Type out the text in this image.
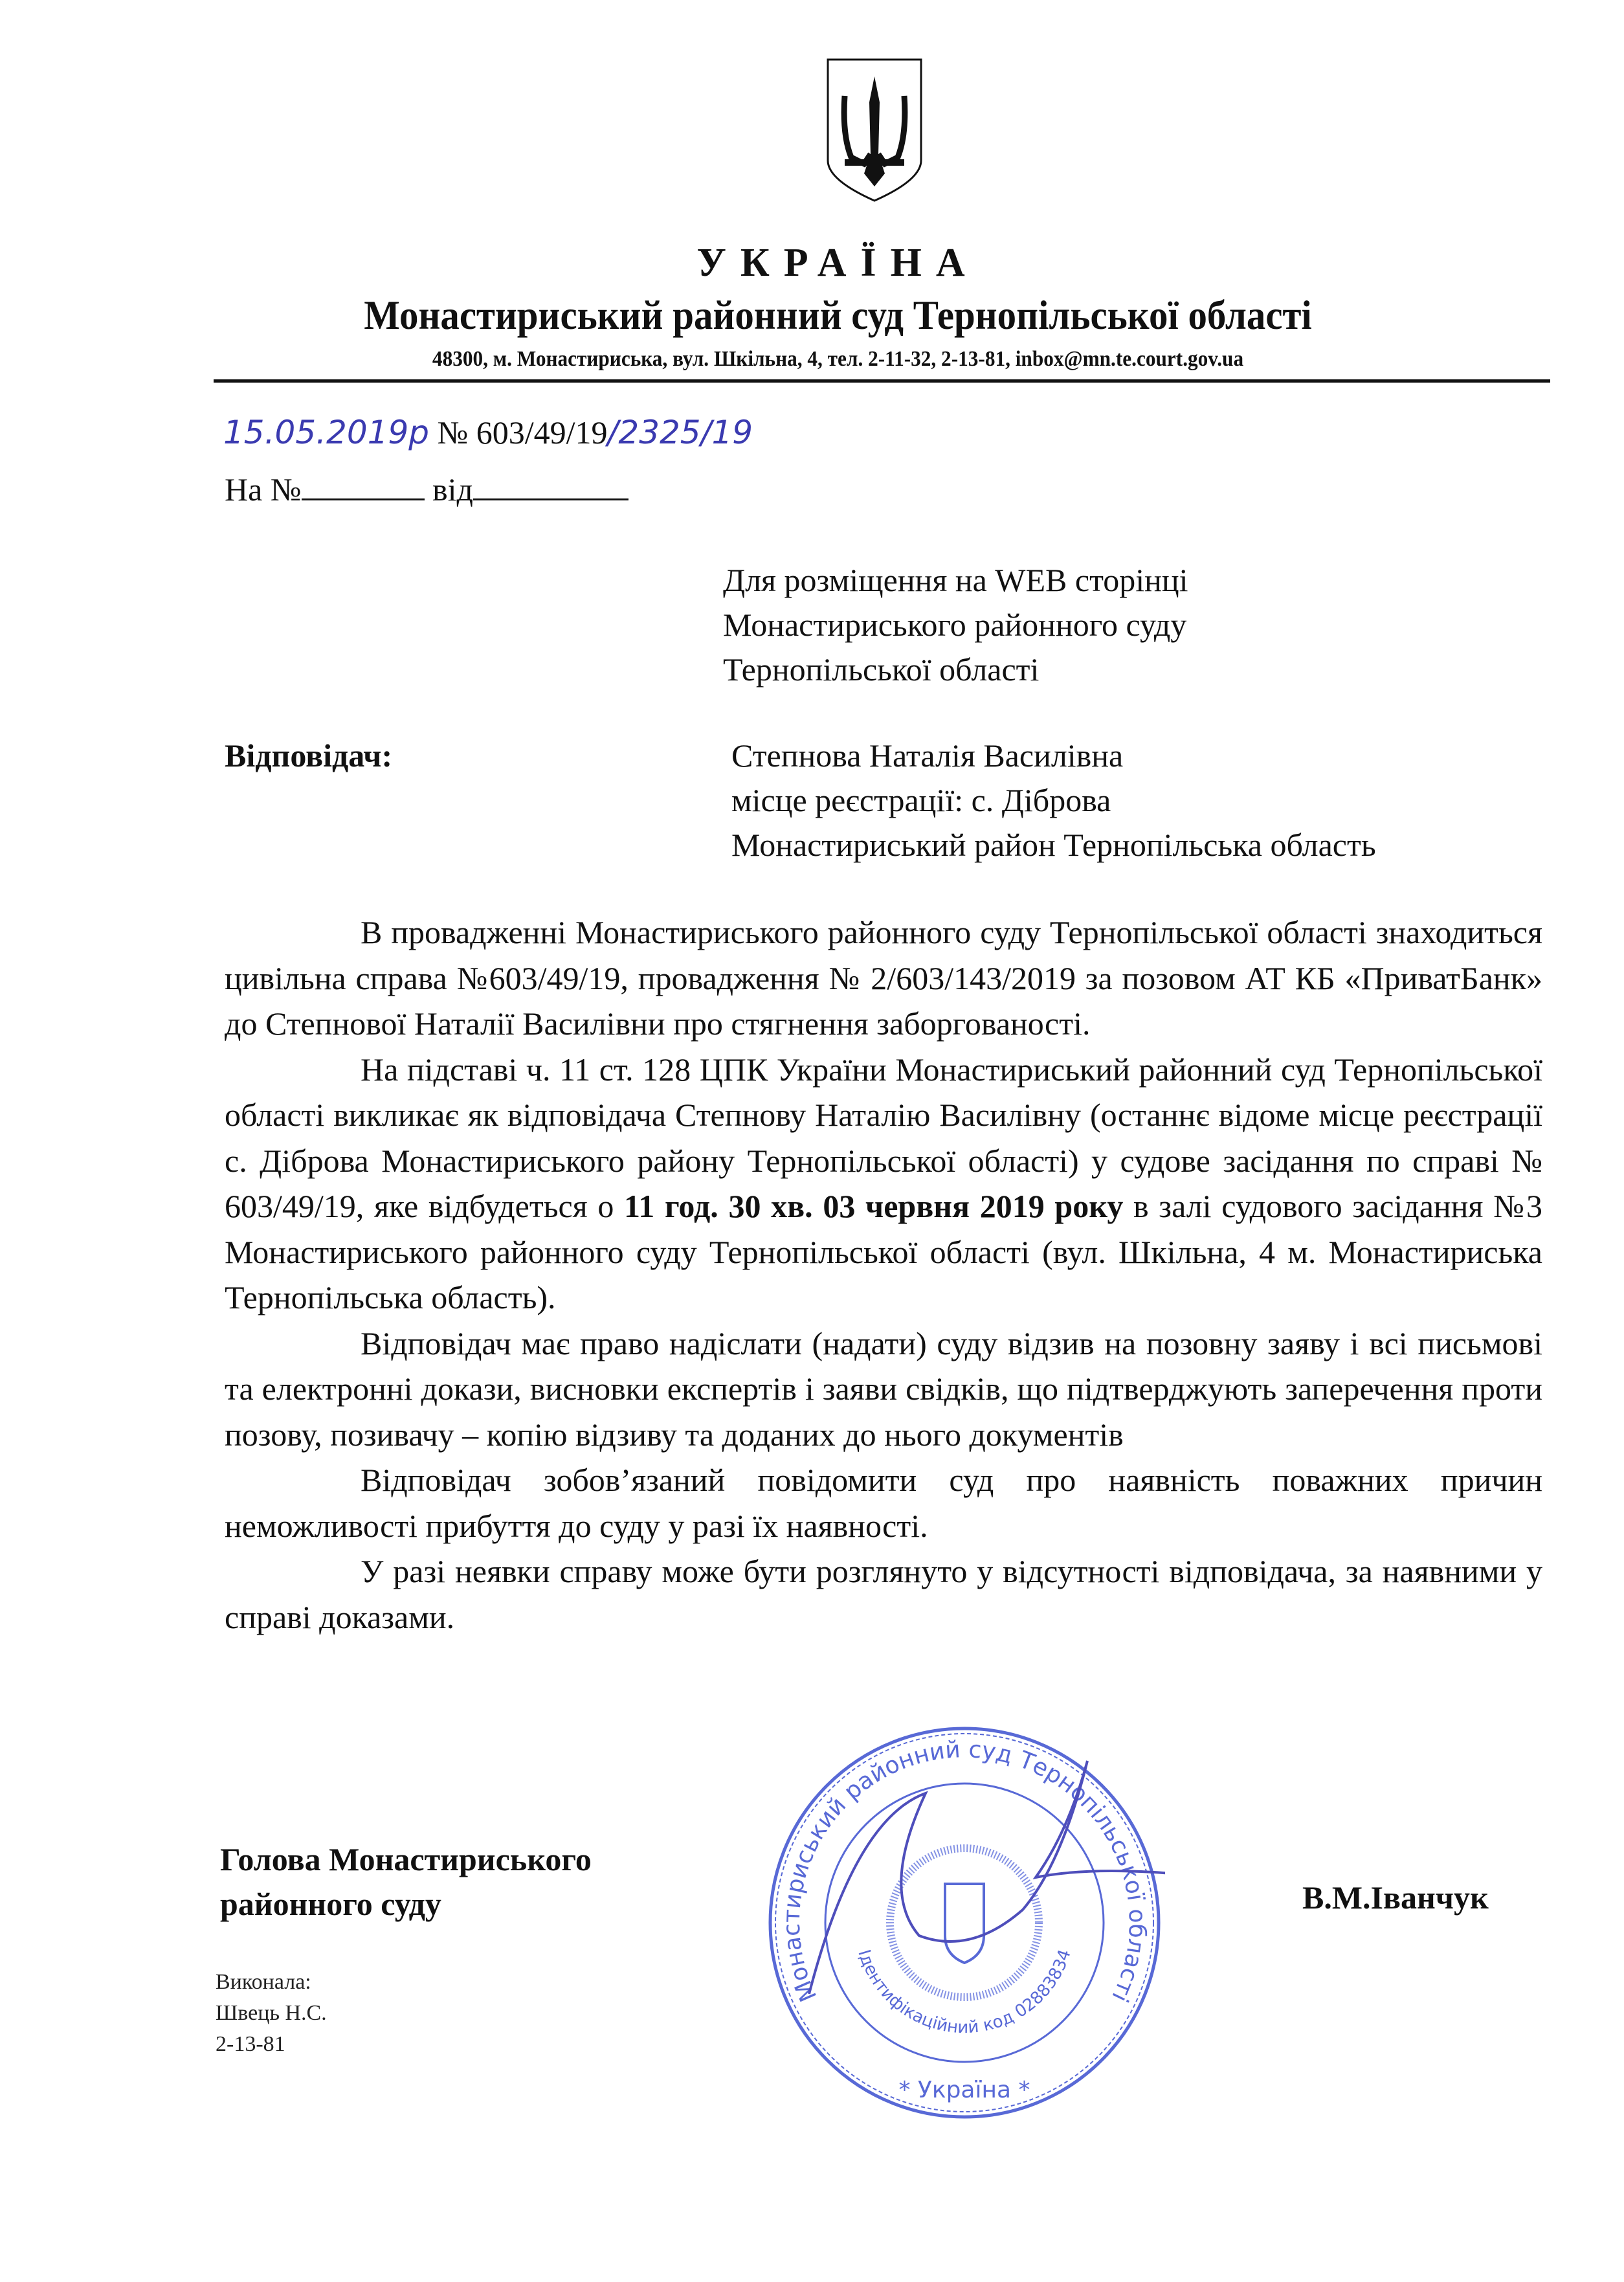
УКРАЇНА
Монастириський районний суд Тернопільської області
48300, м. Монастириська, вул. Шкільна, 4, тел. 2-11-32, 2-13-81, inbox@mn.te.court.gov.ua
15.05.2019р № 603/49/19/2325/19
На №	від
Для розміщення на WEB сторінці
Монастириського районного суду
Тернопільської області
Відповідач:	Степнова Наталія Василівна
місце реєстрації: с. Діброва
Монастириський район Тернопільська область

В провадженні Монастириського районного суду Тернопільської області знаходиться цивільна справа №603/49/19, провадження № 2/603/143/2019 за позовом АТ КБ «ПриватБанк» до Степнової Наталії Василівни про стягнення заборгованості.

На підставі ч. 11 ст. 128 ЦПК України Монастириський районний суд Тернопільської області викликає як відповідача Степнову Наталію Василівну (останнє відоме місце реєстрації с. Діброва Монастириського району Тернопільської області) у судове засідання по справі № 603/49/19, яке відбудеться о 11 год. 30 хв. 03 червня 2019 року в залі судового засідання №3 Монастириського районного суду Тернопільської області (вул. Шкільна, 4 м. Монастириська Тернопільська область).

Відповідач має право надіслати (надати) суду відзив на позовну заяву і всі письмові та електронні докази, висновки експертів і заяви свідків, що підтверджують заперечення проти позову, позивачу – копію відзиву та доданих до нього документів

Відповідач зобов’язаний повідомити суд про наявність поважних причин неможливості прибуття до суду у разі їх наявності.

У разі неявки справу може бути розглянуто у відсутності відповідача, за наявними у справі доказами.

Голова Монастириського
районного суду
Монастириський районний суд Тернопільської області
Ідентифікаційний код 02883834
* Україна *
В.М.Іванчук
Виконала:
Швець Н.С.
2-13-81
